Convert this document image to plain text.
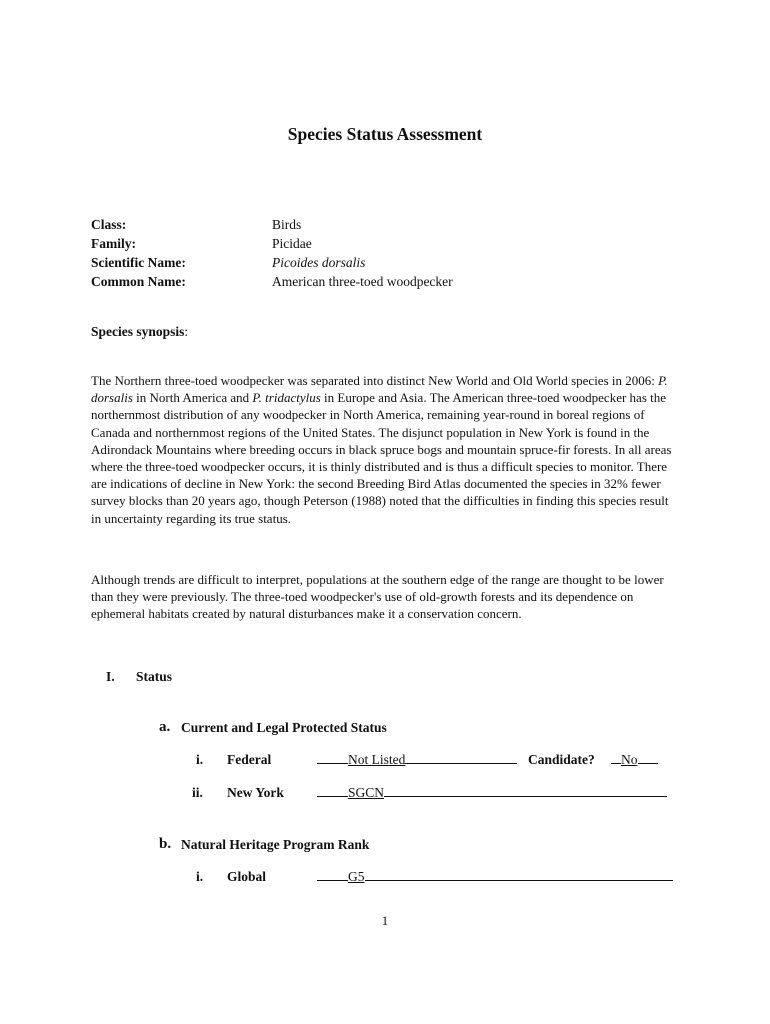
Species Status Assessment
Class:	Birds
Family:	Picidae
Scientific Name:	Picoides dorsalis
Common Name:	American three-toed woodpecker
Species synopsis:

The Northern three-toed woodpecker was separated into distinct New World and Old World species in 2006: P. dorsalis in North America and P. tridactylus in Europe and Asia. The American three-toed woodpecker has the northernmost distribution of any woodpecker in North America, remaining year-round in boreal regions of Canada and northernmost regions of the United States. The disjunct population in New York is found in the Adirondack Mountains where breeding occurs in black spruce bogs and mountain spruce-fir forests. In all areas where the three-toed woodpecker occurs, it is thinly distributed and is thus a difficult species to monitor. There are indications of decline in New York: the second Breeding Bird Atlas documented the species in 32% fewer survey blocks than 20 years ago, though Peterson (1988) noted that the difficulties in finding this species result in uncertainty regarding its true status.

Although trends are difficult to interpret, populations at the southern edge of the range are thought to be lower than they were previously. The three-toed woodpecker's use of old-growth forests and its dependence on ephemeral habitats created by natural disturbances make it a conservation concern.

I. Status
a. Current and Legal Protected Status
i. Federal	Not Listed	Candidate?	No
ii. New York	SGCN
b. Natural Heritage Program Rank
i. Global	G5
1
